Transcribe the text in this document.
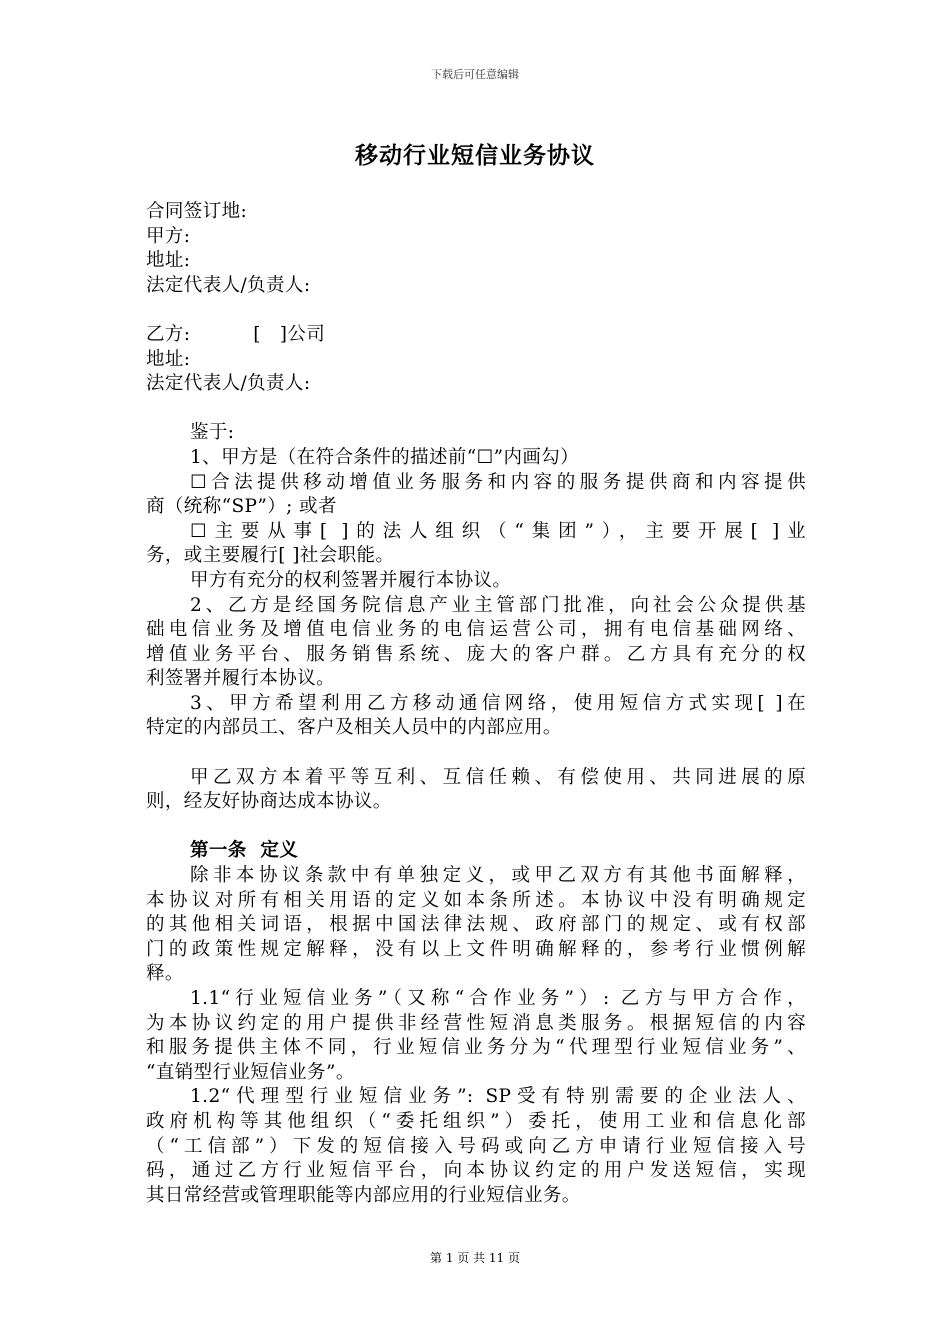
下载后可任意编辑
移动行业短信业务协议
合同签订地:
甲方:
地址:
法定代表人/负责人:
乙方:          [   ]公司
地址:
法定代表人/负责人:
鉴于:
1、甲方是（在符合条件的描述前“☐”内画勾）
☐合法提供移动增值业务服务和内容的服务提供商和内容提供
商（统称“SP”）; 或者
☐主要从事[ ]的法人组织（“集团”），主要开展[ ]业
务，或主要履行[ ]社会职能。
甲方有充分的权利签署并履行本协议。
2、乙方是经国务院信息产业主管部门批准，向社会公众提供基
础电信业务及增值电信业务的电信运营公司，拥有电信基础网络、
增值业务平台、服务销售系统、庞大的客户群。乙方具有充分的权
利签署并履行本协议。
3、甲方希望利用乙方移动通信网络，使用短信方式实现[ ]在
特定的内部员工、客户及相关人员中的内部应用。
甲乙双方本着平等互利、互信任赖、有偿使用、共同进展的原
则，经友好协商达成本协议。
第一条  定义
除非本协议条款中有单独定义，或甲乙双方有其他书面解释，
本协议对所有相关用语的定义如本条所述。本协议中没有明确规定
的其他相关词语，根据中国法律法规、政府部门的规定、或有权部
门的政策性规定解释，没有以上文件明确解释的，参考行业惯例解
释。
1.1“行业短信业务”（又称“合作业务”）: 乙方与甲方合作，
为本协议约定的用户提供非经营性短消息类服务。根据短信的内容
和服务提供主体不同，行业短信业务分为“代理型行业短信业务”、
“直销型行业短信业务”。
1.2“代理型行业短信业务”: SP受有特别需要的企业法人、
政府机构等其他组织（“委托组织”）委托，使用工业和信息化部
（“工信部”）下发的短信接入号码或向乙方申请行业短信接入号
码，通过乙方行业短信平台，向本协议约定的用户发送短信，实现
其日常经营或管理职能等内部应用的行业短信业务。
第 1 页 共 11 页
